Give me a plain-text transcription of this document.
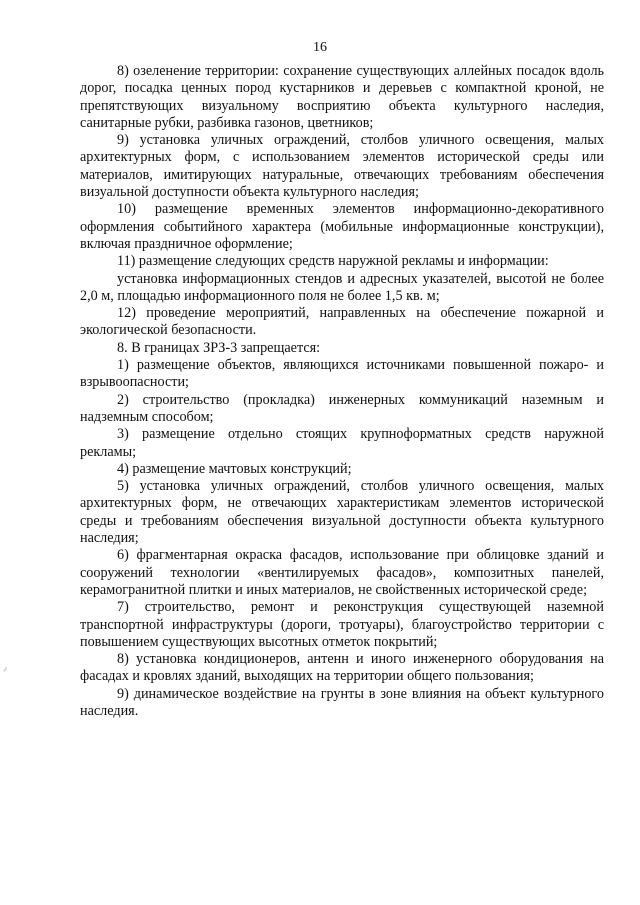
16
⸙

8) озеленение территории: сохранение существующих аллейных посадок вдоль дорог, посадка ценных пород кустарников и деревьев с компактной кроной, не препятствующих визуальному восприятию объекта культурного наследия, санитарные рубки, разбивка газонов, цветников;

9) установка уличных ограждений, столбов уличного освещения, малых архитектурных форм, с использованием элементов исторической среды или материалов, имитирующих натуральные, отвечающих требованиям обеспечения визуальной доступности объекта культурного наследия;

10) размещение временных элементов информационно-декоративного оформления событийного характера (мобильные информационные конструкции), включая праздничное оформление;

11) размещение следующих средств наружной рекламы и информации:

установка информационных стендов и адресных указателей, высотой не более 2,0 м, площадью информационного поля не более 1,5 кв. м;

12) проведение мероприятий, направленных на обеспечение пожарной и экологической безопасности.

8. В границах ЗРЗ-3 запрещается:

1) размещение объектов, являющихся источниками повышенной пожаро- и взрывоопасности;

2) строительство (прокладка) инженерных коммуникаций наземным и надземным способом;

3) размещение отдельно стоящих крупноформатных средств наружной рекламы;

4) размещение мачтовых конструкций;

5) установка уличных ограждений, столбов уличного освещения, малых архитектурных форм, не отвечающих характеристикам элементов исторической среды и требованиям обеспечения визуальной доступности объекта культурного наследия;

6) фрагментарная окраска фасадов, использование при облицовке зданий и сооружений технологии «вентилируемых фасадов», композитных панелей, керамогранитной плитки и иных материалов, не свойственных исторической среде;

7) строительство, ремонт и реконструкция существующей наземной транспортной инфраструктуры (дороги, тротуары), благоустройство территории с повышением существующих высотных отметок покрытий;

8) установка кондиционеров, антенн и иного инженерного оборудования на фасадах и кровлях зданий, выходящих на территории общего пользования;

9) динамическое воздействие на грунты в зоне влияния на объект культурного наследия.
